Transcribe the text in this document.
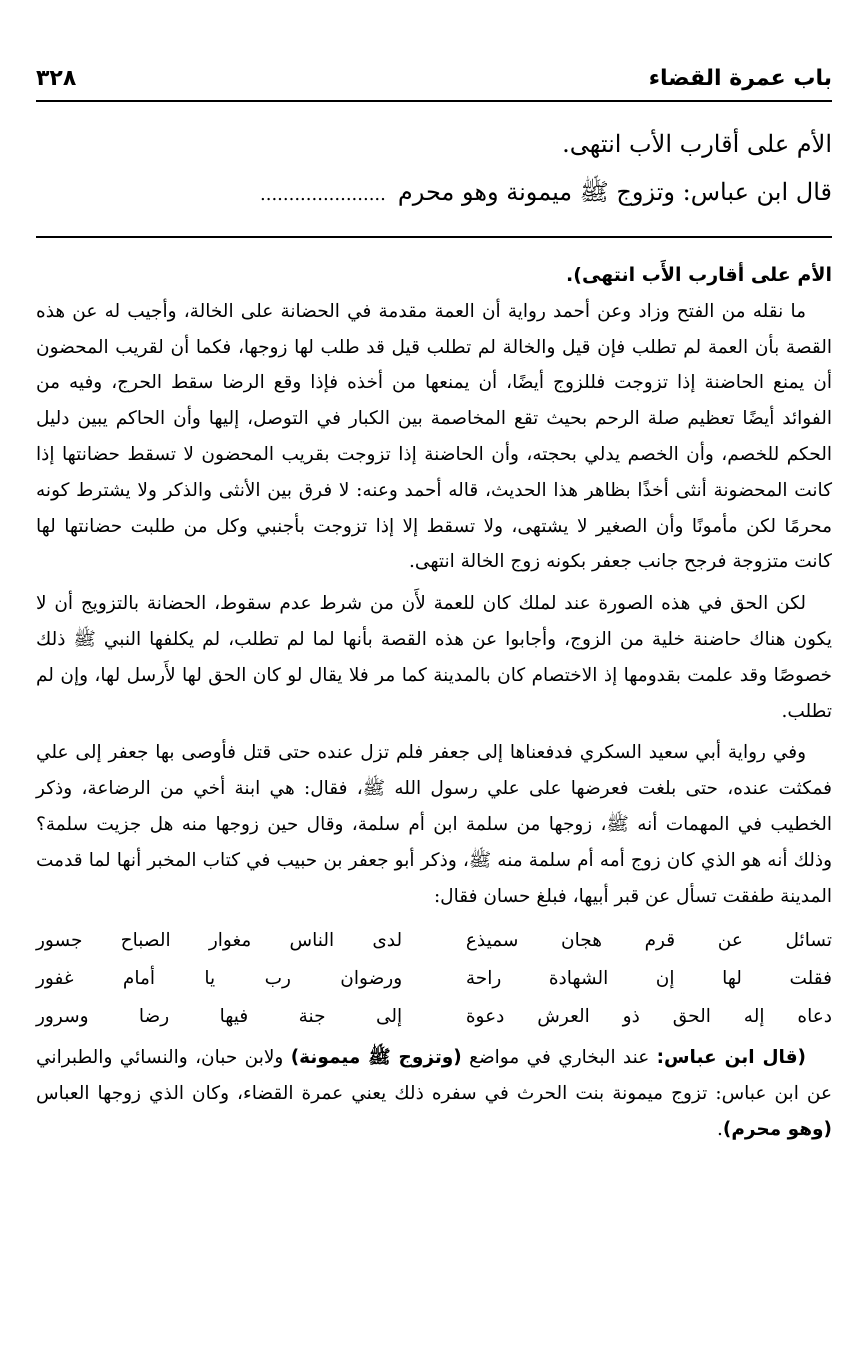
باب عمرة القضاء
٣٢٨
الأم على أقارب الأب انتهى.
قال ابن عباس: وتزوج ﷺ ميمونة وهو محرم......................

الأم على أقارب الأَب انتهى).

ما نقله من الفتح وزاد وعن أحمد رواية أن العمة مقدمة في الحضانة على الخالة، وأجيب له عن هذه القصة بأن العمة لم تطلب فإن قيل والخالة لم تطلب قيل قد طلب لها زوجها، فكما أن لقريب المحضون أن يمنع الحاضنة إذا تزوجت فللزوج أيضًا، أن يمنعها من أخذه فإذا وقع الرضا سقط الحرج، وفيه من الفوائد أيضًا تعظيم صلة الرحم بحيث تقع المخاصمة بين الكبار في التوصل، إليها وأن الحاكم يبين دليل الحكم للخصم، وأن الخصم يدلي بحجته، وأن الحاضنة إذا تزوجت بقريب المحضون لا تسقط حضانتها إذا كانت المحضونة أنثى أخذًا بظاهر هذا الحديث، قاله أحمد وعنه: لا فرق بين الأنثى والذكر ولا يشترط كونه محرمًا لكن مأمونًا وأن الصغير لا يشتهى، ولا تسقط إلا إذا تزوجت بأجنبي وكل من طلبت حضانتها لها كانت متزوجة فرجح جانب جعفر بكونه زوج الخالة انتهى.

لكن الحق في هذه الصورة عند لملك كان للعمة لأَن من شرط عدم سقوط، الحضانة بالتزويج أن لا يكون هناك حاضنة خلية من الزوج، وأجابوا عن هذه القصة بأنها لما لم تطلب، لم يكلفها النبي ﷺ ذلك خصوصًا وقد علمت بقدومها إذ الاختصام كان بالمدينة كما مر فلا يقال لو كان الحق لها لأَرسل لها، وإن لم تطلب.

وفي رواية أبي سعيد السكري فدفعناها إلى جعفر فلم تزل عنده حتى قتل فأوصى بها جعفر إلى علي فمكثت عنده، حتى بلغت فعرضها على علي رسول الله ﷺ، فقال: هي ابنة أخي من الرضاعة، وذكر الخطيب في المهمات أنه ﷺ، زوجها من سلمة ابن أم سلمة، وقال حين زوجها منه هل جزيت سلمة؟ وذلك أنه هو الذي كان زوج أمه أم سلمة منه ﷺ، وذكر أبو جعفر بن حبيب في كتاب المخبر أنها لما قدمت المدينة طفقت تسأل عن قبر أبيها، فبلغ حسان فقال:

تسائل عن قرم هجان سميذع
لدى الناس مغوار الصباح جسور
فقلت لها إن الشهادة راحة
ورضوان رب يا أمام غفور
دعاه إله الحق ذو العرش دعوة
إلى جنة فيها رضا وسرور

(قال ابن عباس: عند البخاري في مواضع (وتزوج ﷺ ميمونة) ولابن حبان، والنسائي والطبراني عن ابن عباس: تزوج ميمونة بنت الحرث في سفره ذلك يعني عمرة القضاء، وكان الذي زوجها العباس (وهو محرم).
